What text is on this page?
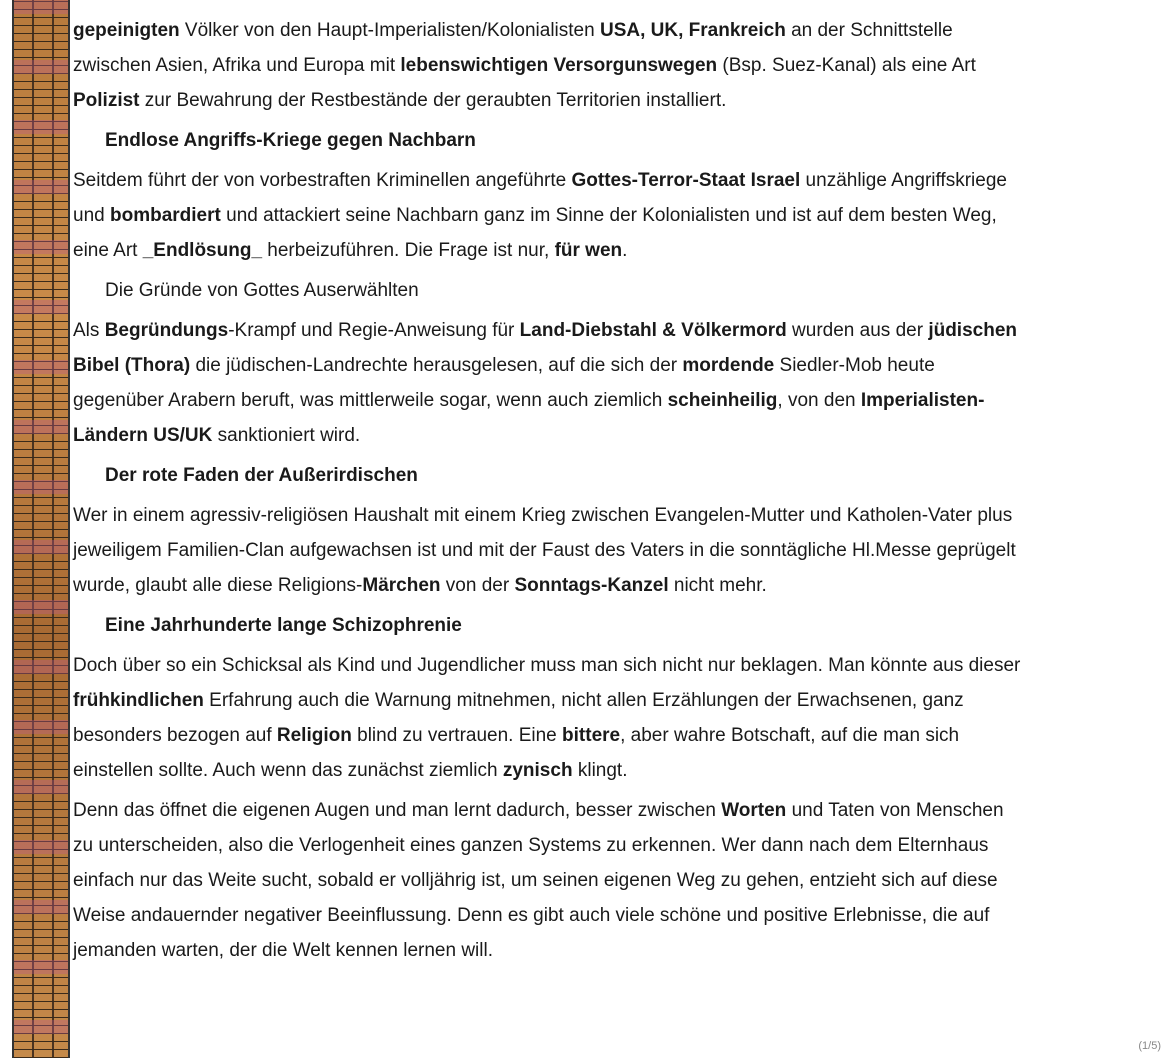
gepeinigten Völker von den Haupt-Imperialisten/Kolonialisten USA, UK, Frankreich an der Schnittstelle
zwischen Asien, Afrika und Europa mit lebenswichtigen Versorgunswegen (Bsp. Suez-Kanal) als eine Art
Polizist zur Bewahrung der Restbestände der geraubten Territorien installiert.
Endlose Angriffs-Kriege gegen Nachbarn
Seitdem führt der von vorbestraften Kriminellen angeführte Gottes-Terror-Staat Israel unzählige Angriffskriege
und bombardiert und attackiert seine Nachbarn ganz im Sinne der Kolonialisten und ist auf dem besten Weg,
eine Art _Endlösung_ herbeizuführen. Die Frage ist nur, für wen.
Die Gründe von Gottes Auserwählten
Als Begründungs-Krampf und Regie-Anweisung für Land-Diebstahl & Völkermord wurden aus der jüdischen
Bibel (Thora) die jüdischen-Landrechte herausgelesen, auf die sich der mordende Siedler-Mob heute
gegenüber Arabern beruft, was mittlerweile sogar, wenn auch ziemlich scheinheilig, von den Imperialisten-
Ländern US/UK sanktioniert wird.
Der rote Faden der Außerirdischen
Wer in einem agressiv-religiösen Haushalt mit einem Krieg zwischen Evangelen-Mutter und Katholen-Vater plus
jeweiligem Familien-Clan aufgewachsen ist und mit der Faust des Vaters in die sonntägliche Hl.Messe geprügelt
wurde, glaubt alle diese Religions-Märchen von der Sonntags-Kanzel nicht mehr.
Eine Jahrhunderte lange Schizophrenie
Doch über so ein Schicksal als Kind und Jugendlicher muss man sich nicht nur beklagen. Man könnte aus dieser
frühkindlichen Erfahrung auch die Warnung mitnehmen, nicht allen Erzählungen der Erwachsenen, ganz
besonders bezogen auf Religion blind zu vertrauen. Eine bittere, aber wahre Botschaft, auf die man sich
einstellen sollte. Auch wenn das zunächst ziemlich zynisch klingt.
Denn das öffnet die eigenen Augen und man lernt dadurch, besser zwischen Worten und Taten von Menschen
zu unterscheiden, also die Verlogenheit eines ganzen Systems zu erkennen. Wer dann nach dem Elternhaus
einfach nur das Weite sucht, sobald er volljährig ist, um seinen eigenen Weg zu gehen, entzieht sich auf diese
Weise andauernder negativer Beeinflussung. Denn es gibt auch viele schöne und positive Erlebnisse, die auf
jemanden warten, der die Welt kennen lernen will.
(1/5)
